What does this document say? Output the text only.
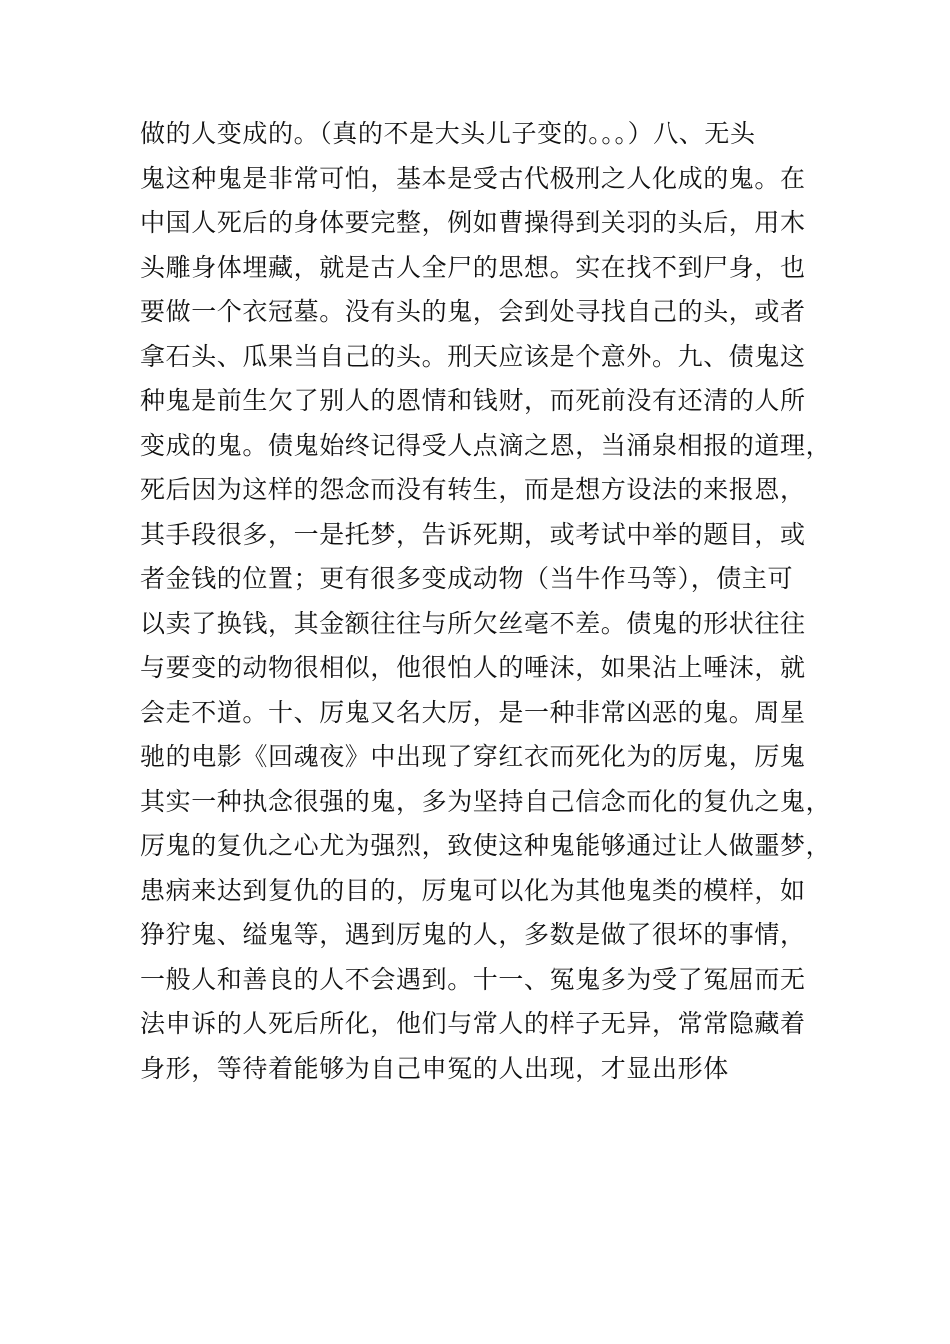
做的人变成的。（真的不是大头儿子变的。。。）八、无头
鬼这种鬼是非常可怕，基本是受古代极刑之人化成的鬼。在
中国人死后的身体要完整，例如曹操得到关羽的头后，用木
头雕身体埋藏，就是古人全尸的思想。实在找不到尸身，也
要做一个衣冠墓。没有头的鬼，会到处寻找自己的头，或者
拿石头、瓜果当自己的头。刑天应该是个意外。九、债鬼这
种鬼是前生欠了别人的恩情和钱财，而死前没有还清的人所
变成的鬼。债鬼始终记得受人点滴之恩，当涌泉相报的道理，
死后因为这样的怨念而没有转生，而是想方设法的来报恩，
其手段很多，一是托梦，告诉死期，或考试中举的题目，或
者金钱的位置；更有很多变成动物（当牛作马等），债主可
以卖了换钱，其金额往往与所欠丝毫不差。债鬼的形状往往
与要变的动物很相似，他很怕人的唾沫，如果沾上唾沫，就
会走不道。十、厉鬼又名大厉，是一种非常凶恶的鬼。周星
驰的电影《回魂夜》中出现了穿红衣而死化为的厉鬼，厉鬼
其实一种执念很强的鬼，多为坚持自己信念而化的复仇之鬼，
厉鬼的复仇之心尤为强烈，致使这种鬼能够通过让人做噩梦，
患病来达到复仇的目的，厉鬼可以化为其他鬼类的模样，如
狰狞鬼、缢鬼等，遇到厉鬼的人，多数是做了很坏的事情，
一般人和善良的人不会遇到。十一、冤鬼多为受了冤屈而无
法申诉的人死后所化，他们与常人的样子无异，常常隐藏着
身形，等待着能够为自己申冤的人出现，才显出形体
